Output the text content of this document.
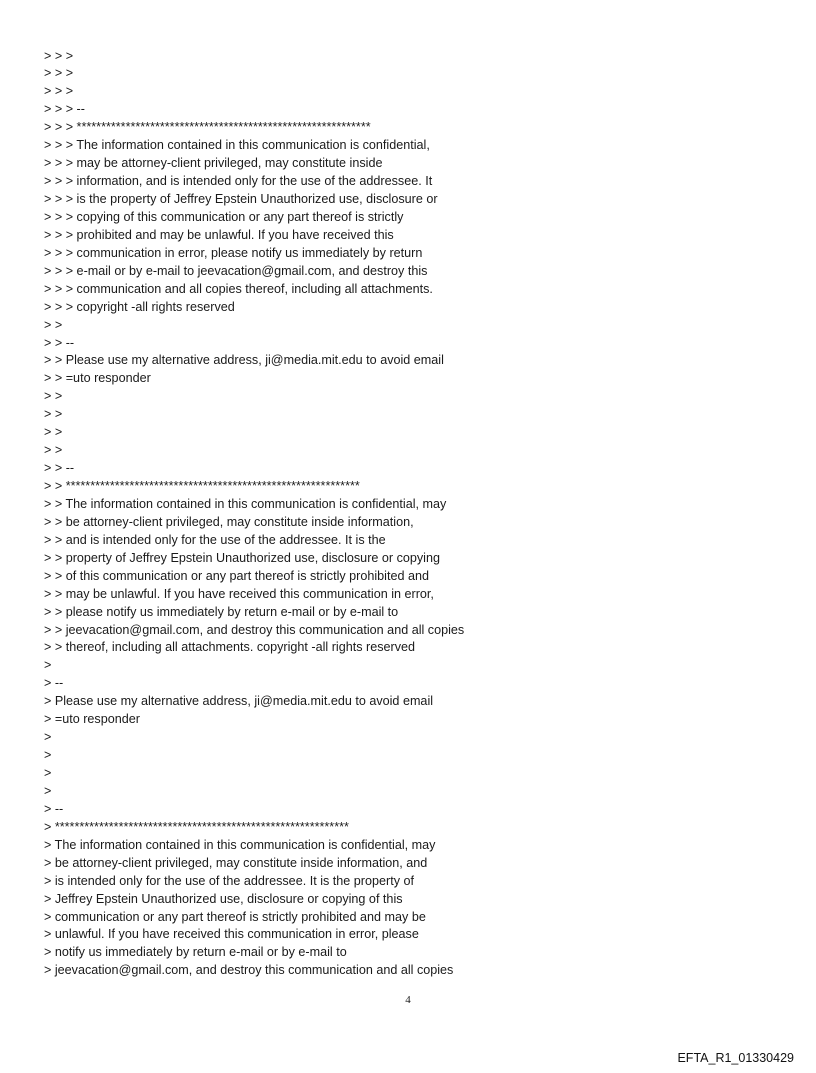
> > >
> > >
> > >
> > > --
> > > ************************************************************
> > > The information contained in this communication is confidential,
> > > may be attorney-client privileged, may constitute inside
> > > information, and is intended only for the use of the addressee. It
> > > is the property of Jeffrey Epstein Unauthorized use, disclosure or
> > > copying of this communication or any part thereof is strictly
> > > prohibited and may be unlawful. If you have received this
> > > communication in error, please notify us immediately by return
> > > e-mail or by e-mail to jeevacation@gmail.com, and destroy this
> > > communication and all copies thereof, including all attachments.
> > > copyright -all rights reserved
> >
> > --
> > Please use my alternative address, ji@media.mit.edu to avoid email
> > =uto responder
> >
> >
> >
> >
> > --
> > ************************************************************
> > The information contained in this communication is confidential, may
> > be attorney-client privileged, may constitute inside information,
> > and is intended only for the use of the addressee. It is the
> > property of Jeffrey Epstein Unauthorized use, disclosure or copying
> > of this communication or any part thereof is strictly prohibited and
> > may be unlawful. If you have received this communication in error,
> > please notify us immediately by return e-mail or by e-mail to
> > jeevacation@gmail.com, and destroy this communication and all copies
> > thereof, including all attachments. copyright -all rights reserved
>
> --
> Please use my alternative address, ji@media.mit.edu to avoid email
> =uto responder
>
>
>
>
> --
> ************************************************************
> The information contained in this communication is confidential, may
> be attorney-client privileged, may constitute inside information, and
> is intended only for the use of the addressee. It is the property of
> Jeffrey Epstein Unauthorized use, disclosure or copying of this
> communication or any part thereof is strictly prohibited and may be
> unlawful. If you have received this communication in error, please
> notify us immediately by return e-mail or by e-mail to
> jeevacation@gmail.com, and destroy this communication and all copies
4
EFTA_R1_01330429
